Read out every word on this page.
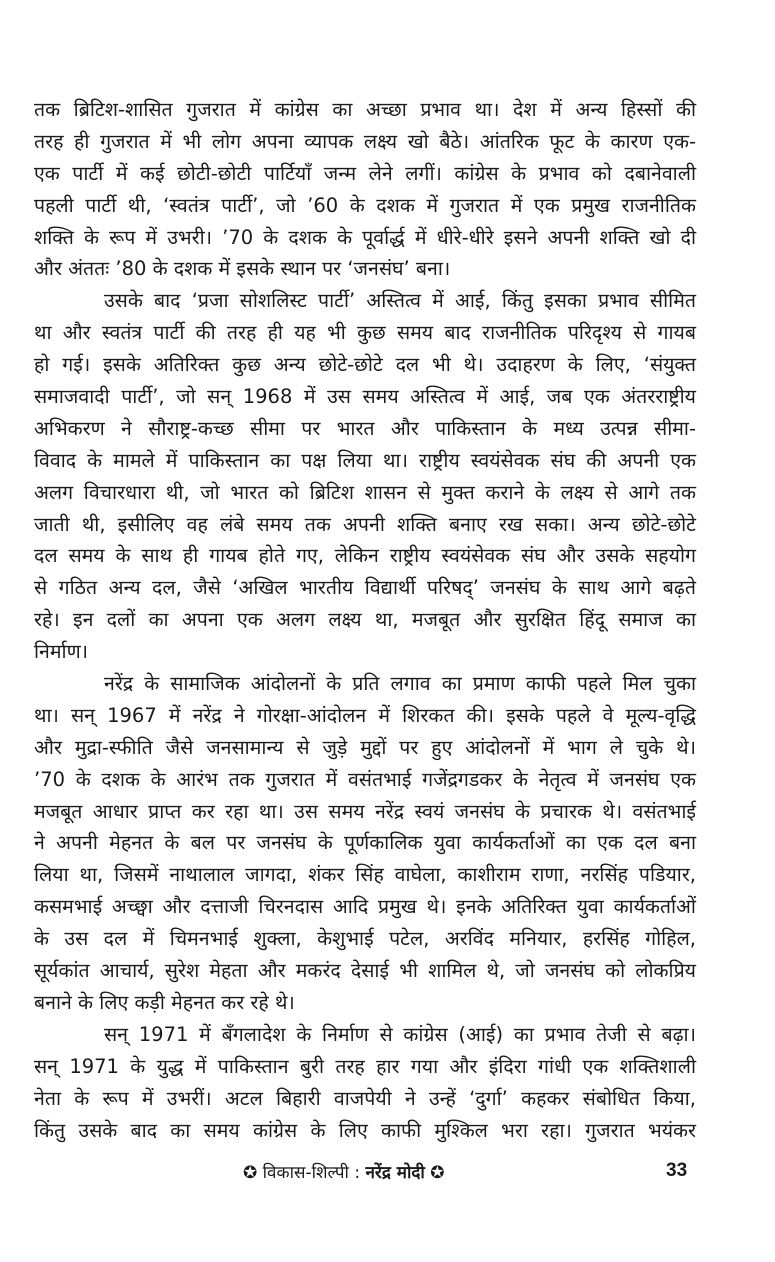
तक ब्रिटिश-शासित गुजरात में कांग्रेस का अच्छा प्रभाव था। देश में अन्य हिस्सों की
तरह ही गुजरात में भी लोग अपना व्यापक लक्ष्य खो बैठे। आंतरिक फूट के कारण एक-
एक पार्टी में कई छोटी-छोटी पार्टियाँ जन्म लेने लगीं। कांग्रेस के प्रभाव को दबानेवाली
पहली पार्टी थी, ‘स्वतंत्र पार्टी’, जो ’60 के दशक में गुजरात में एक प्रमुख राजनीतिक
शक्ति के रूप में उभरी। ’70 के दशक के पूर्वार्द्ध में धीरे-धीरे इसने अपनी शक्ति खो दी
और अंततः ’80 के दशक में इसके स्थान पर ‘जनसंघ’ बना।
उसके बाद ‘प्रजा सोशलिस्ट पार्टी’ अस्तित्व में आई, किंतु इसका प्रभाव सीमित
था और स्वतंत्र पार्टी की तरह ही यह भी कुछ समय बाद राजनीतिक परिदृश्य से गायब
हो गई। इसके अतिरिक्त कुछ अन्य छोटे-छोटे दल भी थे। उदाहरण के लिए, ‘संयुक्त
समाजवादी पार्टी’, जो सन् 1968 में उस समय अस्तित्व में आई, जब एक अंतरराष्ट्रीय
अभिकरण ने सौराष्ट्र-कच्छ सीमा पर भारत और पाकिस्तान के मध्य उत्पन्न सीमा-
विवाद के मामले में पाकिस्तान का पक्ष लिया था। राष्ट्रीय स्वयंसेवक संघ की अपनी एक
अलग विचारधारा थी, जो भारत को ब्रिटिश शासन से मुक्त कराने के लक्ष्य से आगे तक
जाती थी, इसीलिए वह लंबे समय तक अपनी शक्ति बनाए रख सका। अन्य छोटे-छोटे
दल समय के साथ ही गायब होते गए, लेकिन राष्ट्रीय स्वयंसेवक संघ और उसके सहयोग
से गठित अन्य दल, जैसे ‘अखिल भारतीय विद्यार्थी परिषद्’ जनसंघ के साथ आगे बढ़ते
रहे। इन दलों का अपना एक अलग लक्ष्य था, मजबूत और सुरक्षित हिंदू समाज का
निर्माण।
नरेंद्र के सामाजिक आंदोलनों के प्रति लगाव का प्रमाण काफी पहले मिल चुका
था। सन् 1967 में नरेंद्र ने गोरक्षा-आंदोलन में शिरकत की। इसके पहले वे मूल्य-वृद्धि
और मुद्रा-स्फीति जैसे जनसामान्य से जुड़े मुद्दों पर हुए आंदोलनों में भाग ले चुके थे।
’70 के दशक के आरंभ तक गुजरात में वसंतभाई गजेंद्रगडकर के नेतृत्व में जनसंघ एक
मजबूत आधार प्राप्त कर रहा था। उस समय नरेंद्र स्वयं जनसंघ के प्रचारक थे। वसंतभाई
ने अपनी मेहनत के बल पर जनसंघ के पूर्णकालिक युवा कार्यकर्ताओं का एक दल बना
लिया था, जिसमें नाथालाल जागदा, शंकर सिंह वाघेला, काशीराम राणा, नरसिंह पडियार,
कसमभाई अच्छ्वा और दत्ताजी चिरनदास आदि प्रमुख थे। इनके अतिरिक्त युवा कार्यकर्ताओं
के उस दल में चिमनभाई शुक्ला, केशुभाई पटेल, अरविंद मनियार, हरसिंह गोहिल,
सूर्यकांत आचार्य, सुरेश मेहता और मकरंद देसाई भी शामिल थे, जो जनसंघ को लोकप्रिय
बनाने के लिए कड़ी मेहनत कर रहे थे।
सन् 1971 में बँगलादेश के निर्माण से कांग्रेस (आई) का प्रभाव तेजी से बढ़ा।
सन् 1971 के युद्ध में पाकिस्तान बुरी तरह हार गया और इंदिरा गांधी एक शक्तिशाली
नेता के रूप में उभरीं। अटल बिहारी वाजपेयी ने उन्हें ‘दुर्गा’ कहकर संबोधित किया,
किंतु उसके बाद का समय कांग्रेस के लिए काफी मुश्किल भरा रहा। गुजरात भयंकर
✪ विकास-शिल्पी : नरेंद्र मोदी ✪	33
